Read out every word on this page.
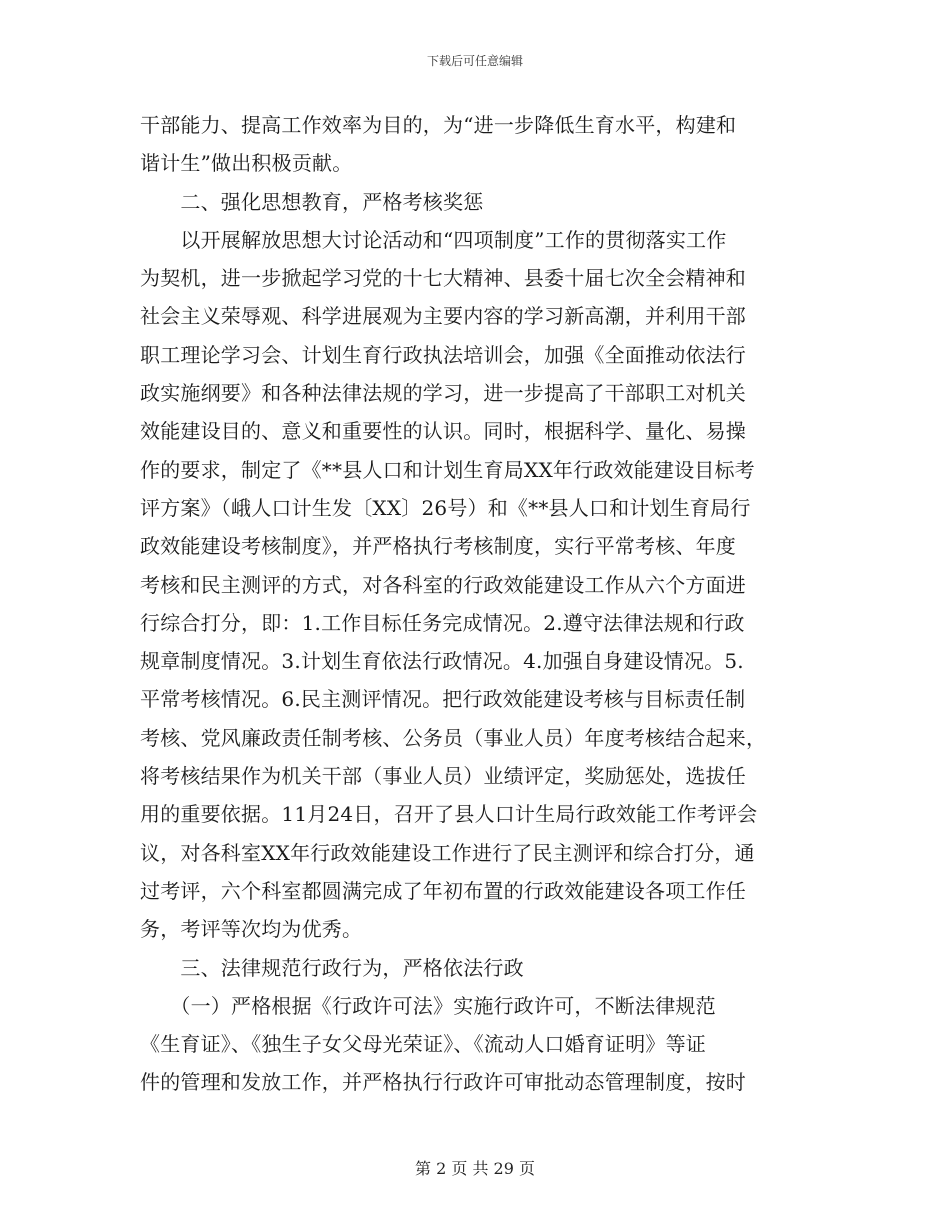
下载后可任意编辑
干部能力、提高工作效率为目的，为“进一步降低生育水平，构建和
谐计生”做出积极贡献。
　　二、强化思想教育，严格考核奖惩
　　以开展解放思想大讨论活动和“四项制度”工作的贯彻落实工作
为契机，进一步掀起学习党的十七大精神、县委十届七次全会精神和
社会主义荣辱观、科学进展观为主要内容的学习新高潮，并利用干部
职工理论学习会、计划生育行政执法培训会，加强《全面推动依法行
政实施纲要》和各种法律法规的学习，进一步提高了干部职工对机关
效能建设目的、意义和重要性的认识。同时，根据科学、量化、易操
作的要求，制定了《**县人口和计划生育局XX年行政效能建设目标考
评方案》（峨人口计生发〔XX〕26号）和《**县人口和计划生育局行
政效能建设考核制度》，并严格执行考核制度，实行平常考核、年度
考核和民主测评的方式，对各科室的行政效能建设工作从六个方面进
行综合打分，即：1.工作目标任务完成情况。2.遵守法律法规和行政
规章制度情况。3.计划生育依法行政情况。4.加强自身建设情况。5.
平常考核情况。6.民主测评情况。把行政效能建设考核与目标责任制
考核、党风廉政责任制考核、公务员（事业人员）年度考核结合起来，
将考核结果作为机关干部（事业人员）业绩评定，奖励惩处，选拔任
用的重要依据。11月24日，召开了县人口计生局行政效能工作考评会
议，对各科室XX年行政效能建设工作进行了民主测评和综合打分，通
过考评，六个科室都圆满完成了年初布置的行政效能建设各项工作任
务，考评等次均为优秀。
　　三、法律规范行政行为，严格依法行政
　　（一）严格根据《行政许可法》实施行政许可，不断法律规范
《生育证》、《独生子女父母光荣证》、《流动人口婚育证明》等证
件的管理和发放工作，并严格执行行政许可审批动态管理制度，按时
第 2 页 共 29 页
